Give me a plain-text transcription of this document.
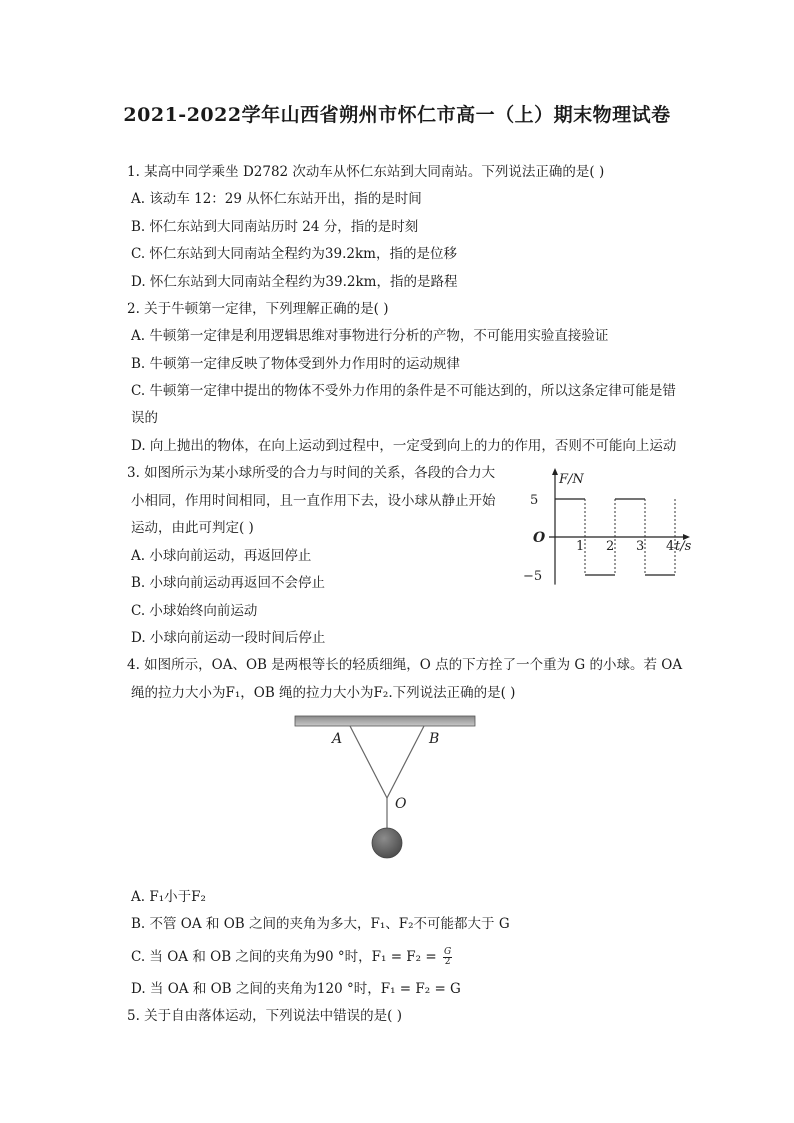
2021-2022学年山西省朔州市怀仁市高一（上）期末物理试卷
1. 某高中同学乘坐 D2782 次动车从怀仁东站到大同南站。下列说法正确的是( )
A. 该动车 12：29 从怀仁东站开出，指的是时间
B. 怀仁东站到大同南站历时 24 分，指的是时刻
C. 怀仁东站到大同南站全程约为39.2km，指的是位移
D. 怀仁东站到大同南站全程约为39.2km，指的是路程
2. 关于牛顿第一定律，下列理解正确的是( )
A. 牛顿第一定律是利用逻辑思维对事物进行分析的产物，不可能用实验直接验证
B. 牛顿第一定律反映了物体受到外力作用时的运动规律
C. 牛顿第一定律中提出的物体不受外力作用的条件是不可能达到的，所以这条定律可能是错
误的
D. 向上抛出的物体，在向上运动到过程中，一定受到向上的力的作用，否则不可能向上运动
3. 如图所示为某小球所受的合力与时间的关系，各段的合力大
小相同，作用时间相同，且一直作用下去，设小球从静止开始
运动，由此可判定( )
A. 小球向前运动，再返回停止
B. 小球向前运动再返回不会停止
C. 小球始终向前运动
D. 小球向前运动一段时间后停止
5
−5
O
1 2 3 4
F/N
t/s
4. 如图所示，OA、OB 是两根等长的轻质细绳，O 点的下方拴了一个重为 G 的小球。若 OA
绳的拉力大小为F₁，OB 绳的拉力大小为F₂.下列说法正确的是( )
A	B
O
A. F₁小于F₂
B. 不管 OA 和 OB 之间的夹角为多大，F₁、F₂不可能都大于 G
C. 当 OA 和 OB 之间的夹角为90 °时，$F_1 = F_2 = \frac{G}{2}$
D. 当 OA 和 OB 之间的夹角为120 °时，F₁ = F₂ = G
5. 关于自由落体运动，下列说法中错误的是( )
